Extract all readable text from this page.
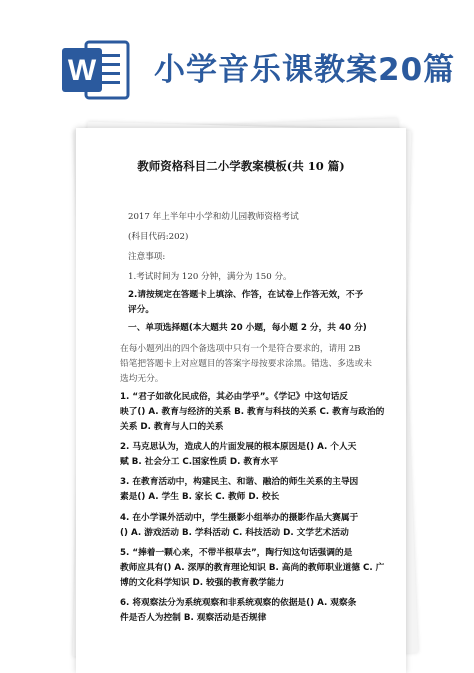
W 小学音乐课教案20篇
教师资格科目二小学教案模板(共 10 篇)
2017 年上半年中小学和幼儿园教师资格考试
(科目代码:202)
注意事项:
1.考试时间为 120 分钟，满分为 150 分。
2.请按规定在答题卡上填涂、作答，在试卷上作答无效，不予
评分。
一、单项选择题(本大题共 20 小题，每小题 2 分，共 40 分)
在每小题列出的四个备选项中只有一个是符合要求的，请用 2B
铅笔把答题卡上对应题目的答案字母按要求涂黑。错选、多选或未
选均无分。
1. “君子如欲化民成俗，其必由学乎”。《学记》中这句话反
映了() A. 教育与经济的关系 B. 教育与科技的关系 C. 教育与政治的
关系 D. 教育与人口的关系
2. 马克思认为，造成人的片面发展的根本原因是() A. 个人天
赋 B. 社会分工 C.国家性质 D. 教育水平
3. 在教育活动中，构建民主、和谐、融洽的师生关系的主导因
素是() A. 学生 B. 家长 C. 教师 D. 校长
4. 在小学课外活动中，学生摄影小组举办的摄影作品大赛属于
() A. 游戏活动 B. 学科活动 C. 科技活动 D. 文学艺术活动
5. “捧着一颗心来，不带半根草去”，陶行知这句话强调的是
教师应具有() A. 深厚的教育理论知识 B. 高尚的教师职业道德 C. 广
博的文化科学知识 D. 较强的教育教学能力
6. 将观察法分为系统观察和非系统观察的依据是() A. 观察条
件是否人为控制 B. 观察活动是否规律
